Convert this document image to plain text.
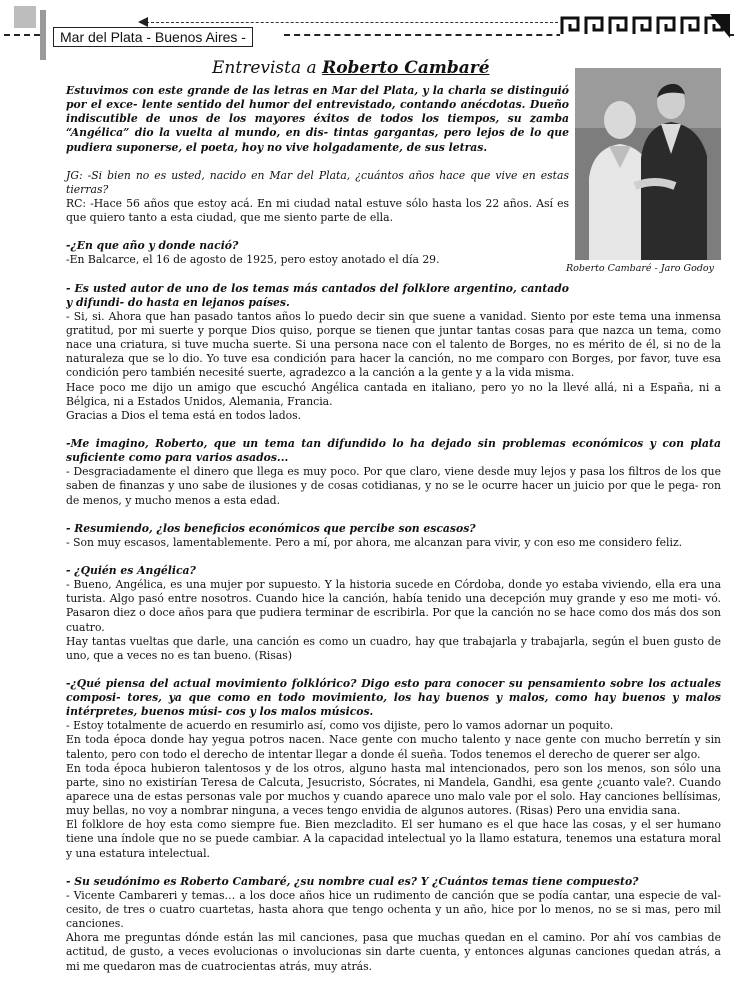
Mar del Plata - Buenos Aires -
Entrevista a Roberto Cambaré
Roberto Cambaré - Jaro Godoy

Estuvimos con este grande de las letras en Mar del Plata, y la charla se distinguió por el exce- lente sentido del humor del entrevistado, contando anécdotas. Dueño indiscutible de unos de los mayores éxitos de todos los tiempos, su zamba “Angélica” dio la vuelta al mundo, en dis- tintas gargantas, pero lejos de lo que pudiera suponerse, el poeta, hoy no vive holgadamente, de sus letras.

JG: -Si bien no es usted, nacido en Mar del Plata, ¿cuántos años hace que vive en estas tierras?

RC: -Hace 56 años que estoy acá. En mi ciudad natal estuve sólo hasta los 22 años. Así es que quiero tanto a esta ciudad, que me siento parte de ella.

-¿En que año y donde nació?

-En Balcarce, el 16 de agosto de 1925, pero estoy anotado el día 29.

- Es usted autor de uno de los temas más cantados del folklore argentino, cantado y difundi- do hasta en lejanos países.

- Si, si. Ahora que han pasado tantos años lo puedo decir sin que suene a vanidad. Siento por este tema una inmensa gratitud, por mi suerte y porque Dios quiso, porque se tienen que juntar tantas cosas para que nazca un tema, como nace una criatura, si tuve mucha suerte. Si una persona nace con el talento de Borges, no es mérito de él, si no de la naturaleza que se lo dio. Yo tuve esa condición para hacer la canción, no me comparo con Borges, por favor, tuve esa condición pero también necesité suerte, agradezco a la canción a la gente y a la vida misma.

Hace poco me dijo un amigo que escuchó Angélica cantada en italiano, pero yo no la llevé allá, ni a España, ni a Bélgica, ni a Estados Unidos, Alemania, Francia.

Gracias a Dios el tema está en todos lados.

-Me imagino, Roberto, que un tema tan difundido lo ha dejado sin problemas económicos y con plata suficiente como para varios asados...

- Desgraciadamente el dinero que llega es muy poco. Por que claro, viene desde muy lejos y pasa los filtros de los que saben de finanzas y uno sabe de ilusiones y de cosas cotidianas, y no se le ocurre hacer un juicio por que le pega- ron de menos, y mucho menos a esta edad.

- Resumiendo, ¿los beneficios económicos que percibe son escasos?

- Son muy escasos, lamentablemente. Pero a mí, por ahora, me alcanzan para vivir, y con eso me considero feliz.

- ¿Quién es Angélica?

- Bueno, Angélica, es una mujer por supuesto. Y la historia sucede en Córdoba, donde yo estaba viviendo, ella era una turista. Algo pasó entre nosotros. Cuando hice la canción, había tenido una decepción muy grande y eso me moti- vó. Pasaron diez o doce años para que pudiera terminar de escribirla. Por que la canción no se hace como dos más dos son cuatro.

Hay tantas vueltas que darle, una canción es como un cuadro, hay que trabajarla y trabajarla, según el buen gusto de uno, que a veces no es tan bueno. (Risas)

-¿Qué piensa del actual movimiento folklórico? Digo esto para conocer su pensamiento sobre los actuales composi- tores, ya que como en todo movimiento, los hay buenos y malos, como hay buenos y malos intérpretes, buenos músi- cos y los malos músicos.

- Estoy totalmente de acuerdo en resumirlo así, como vos dijiste, pero lo vamos adornar un poquito.

En toda época donde hay yegua potros nacen. Nace gente con mucho talento y nace gente con mucho berretín y sin talento, pero con todo el derecho de intentar llegar a donde él sueña. Todos tenemos el derecho de querer ser algo.

En toda época hubieron talentosos y de los otros, alguno hasta mal intencionados, pero son los menos, son sólo una parte, sino no existirían Teresa de Calcuta, Jesucristo, Sócrates, ni Mandela, Gandhi, esa gente ¿cuanto vale?. Cuando aparece una de estas personas vale por muchos y cuando aparece uno malo vale por el solo. Hay canciones bellísimas, muy bellas, no voy a nombrar ninguna, a veces tengo envidia de algunos autores. (Risas) Pero una envidia sana.

El folklore de hoy esta como siempre fue. Bien mezcladito. El ser humano es el que hace las cosas, y el ser humano tiene una índole que no se puede cambiar. A la capacidad intelectual yo la llamo estatura, tenemos una estatura moral y una estatura intelectual.

- Su seudónimo es Roberto Cambaré, ¿su nombre cual es? Y ¿Cuántos temas tiene compuesto?

- Vicente Cambareri y temas… a los doce años hice un rudimento de canción que se podía cantar, una especie de val- cesito, de tres o cuatro cuartetas, hasta ahora que tengo ochenta y un año, hice por lo menos, no se si mas, pero mil canciones.

Ahora me preguntas dónde están las mil canciones, pasa que muchas quedan en el camino. Por ahí vos cambias de actitud, de gusto, a veces evolucionas o involucionas sin darte cuenta, y entonces algunas canciones quedan atrás, a mi me quedaron mas de cuatrocientas atrás, muy atrás.
